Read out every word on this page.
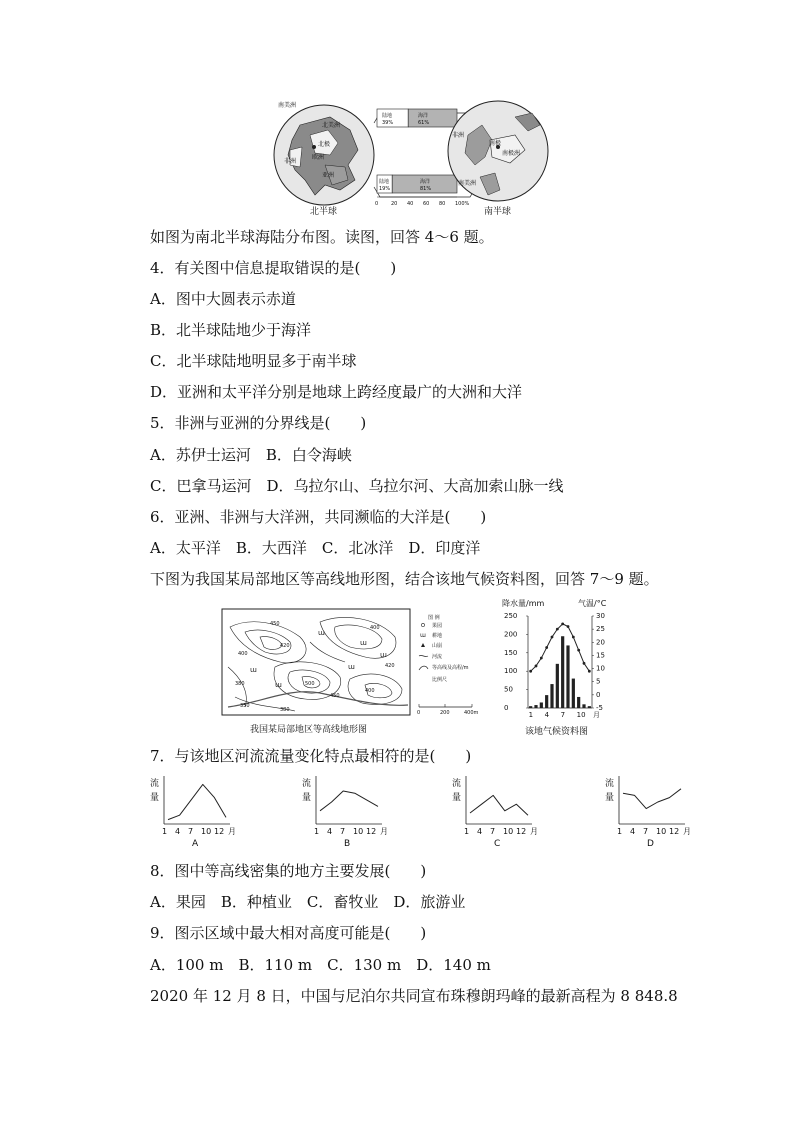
南美洲
北美洲
北极
欧洲
非洲
亚洲
北半球
陆地
39%
海洋
61%
陆地
19%
海洋
81%
0	20 40 60 80 100%
非洲
南极
南极洲
南美洲
南半球
如图为南北半球海陆分布图。读图，回答 4～6 题。
4．有关图中信息提取错误的是(　　)
A．图中大圆表示赤道
B．北半球陆地少于海洋
C．北半球陆地明显多于南半球
D．亚洲和太平洋分别是地球上跨经度最广的大洲和大洋
5．非洲与亚洲的分界线是(　　)
A．苏伊士运河　B．白令海峡
C．巴拿马运河　D．乌拉尔山、乌拉尔河、大高加索山脉一线
6．亚洲、非洲与大洋洲，共同濒临的大洋是(　　)
A．太平洋　B．大西洋　C．北冰洋　D．印度洋
下图为我国某局部地区等高线地形图，结合该地气候资料图，回答 7～9 题。
450
400
420
500
450
400
380
350
400
420
380
ɯ
ɯ
ɯ
ɯ
ɯ
ɯ
图 例
果园
ɯ 耕地
山崩
河流
等高线及高程/m
比例尺
0	200	400m
我国某局部地区等高线地形图
降水量/mm	气温/°C
该地气候资料图
0
50
100
150
200
250
-5
0
5
10
15
20
25
30
1 4 7 10 月
7．与该地区河流流量变化特点最相符的是(　　)
流
量
1 4 7 10 12 月
A
流
量
1 4 7 10 12 月
B
流
量
1 4 7 10 12 月
C
流
量
1 4 7 10 12 月
D
8．图中等高线密集的地方主要发展(　　)
A．果园　B．种植业　C．畜牧业　D．旅游业
9．图示区域中最大相对高度可能是(　　)
A．100 m　B．110 m　C．130 m　D．140 m
2020 年 12 月 8 日，中国与尼泊尔共同宣布珠穆朗玛峰的最新高程为 8 848.8
